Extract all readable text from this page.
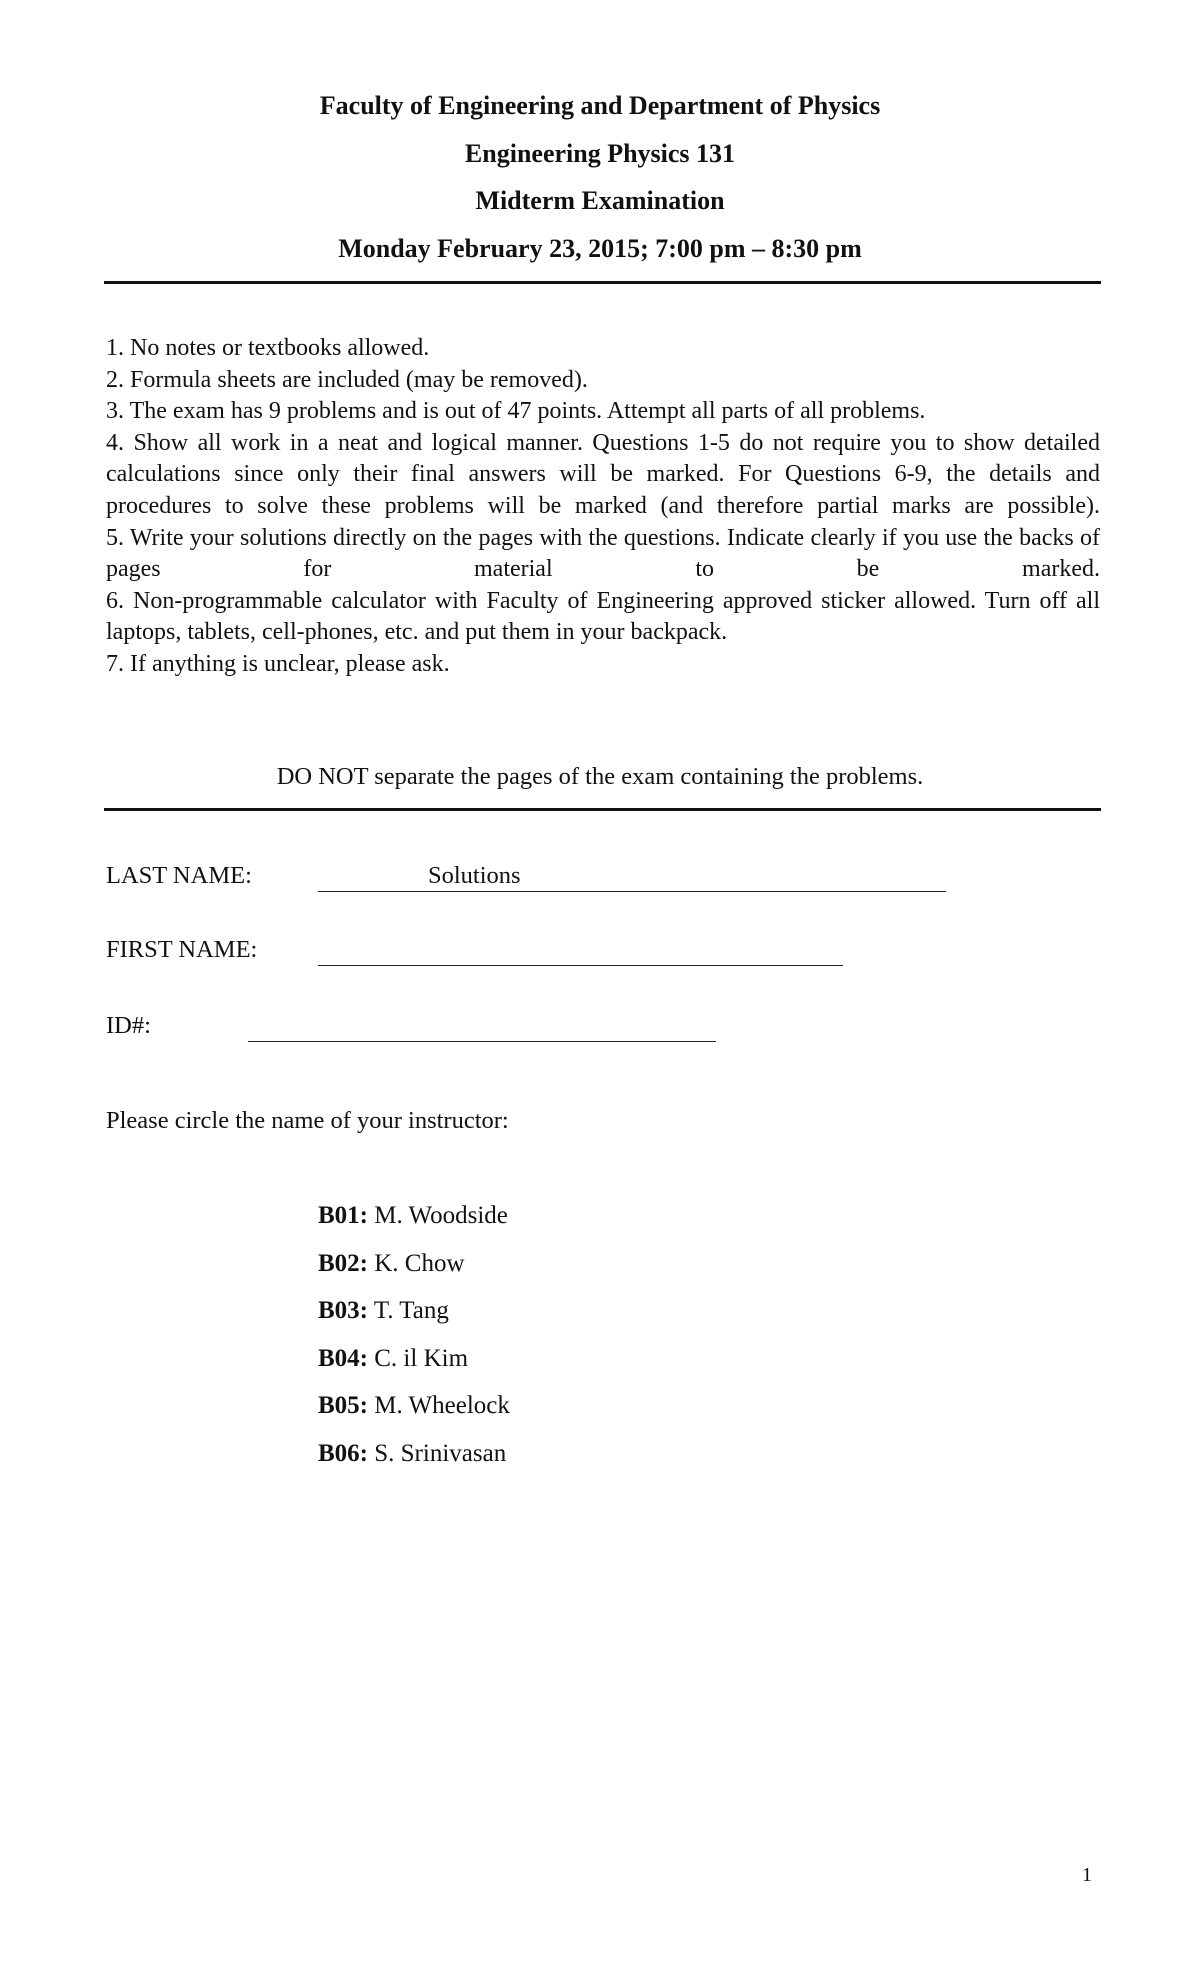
Faculty of Engineering and Department of Physics
Engineering Physics 131
Midterm Examination
Monday February 23, 2015; 7:00 pm – 8:30 pm

1. No notes or textbooks allowed.

2. Formula sheets are included (may be removed).

3. The exam has 9 problems and is out of 47 points. Attempt all parts of all problems.

4. Show all work in a neat and logical manner. Questions 1-5 do not require you to show detailed calculations since only their final answers will be marked. For Questions 6-9, the details and procedures to solve these problems will be marked (and therefore partial marks are possible).

5. Write your solutions directly on the pages with the questions. Indicate clearly if you use the backs of pages for material to be marked.

6. Non-programmable calculator with Faculty of Engineering approved sticker allowed. Turn off all laptops, tablets, cell-phones, etc. and put them in your backpack.

7. If anything is unclear, please ask.

DO NOT separate the pages of the exam containing the problems.
LAST NAME:	Solutions
FIRST NAME:
ID#:
Please circle the name of your instructor:
B01: M. Woodside
B02: K. Chow
B03: T. Tang
B04: C. il Kim
B05: M. Wheelock
B06: S. Srinivasan
1
